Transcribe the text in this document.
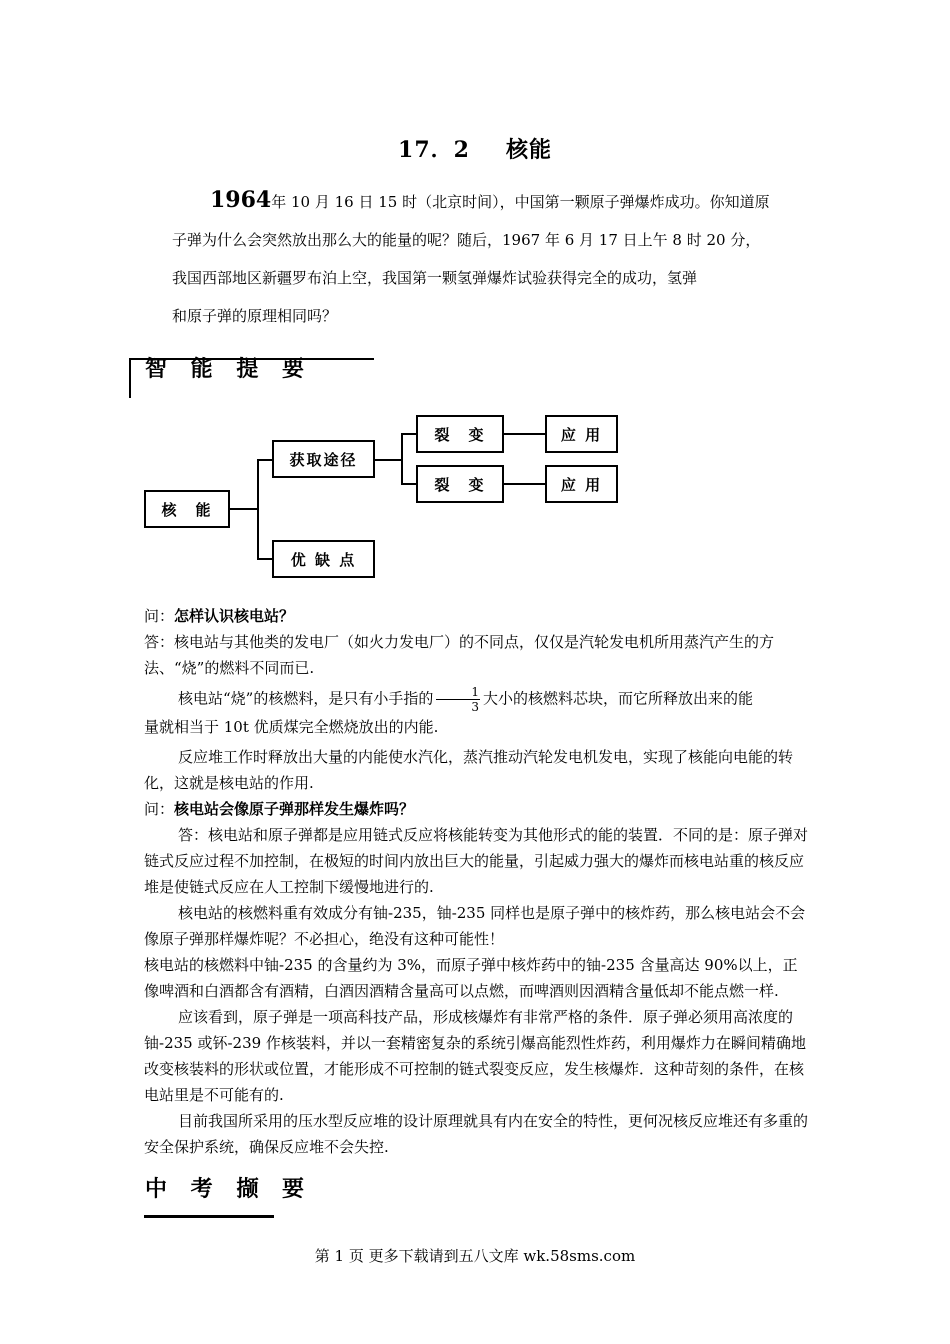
17．2 核能

1964年 10 月 16 日 15 时（北京时间），中国第一颗原子弹爆炸成功。你知道原

子弹为什么会突然放出那么大的能量的呢？随后，1967 年 6 月 17 日上午 8 时 20 分，

我国西部地区新疆罗布泊上空，我国第一颗氢弹爆炸试验获得完全的成功，氢弹

和原子弹的原理相同吗？

智 能 提 要
核　能
获取途径
优 缺 点
裂　变
裂　变
应 用
应 用

问：怎样认识核电站？

答：核电站与其他类的发电厂（如火力发电厂）的不同点，仅仅是汽轮发电机所用蒸汽产生的方法、“烧”的燃料不同而已.

核电站“烧”的核燃料，是只有小手指的 $\frac{1}{3}$ 大小的核燃料芯块，而它所释放出来的能

量就相当于 10t 优质煤完全燃烧放出的内能.

反应堆工作时释放出大量的内能使水汽化，蒸汽推动汽轮发电机发电，实现了核能向电能的转化，这就是核电站的作用.

问：核电站会像原子弹那样发生爆炸吗？

答：核电站和原子弹都是应用链式反应将核能转变为其他形式的能的装置．不同的是：原子弹对链式反应过程不加控制，在极短的时间内放出巨大的能量，引起威力强大的爆炸而核电站重的核反应堆是使链式反应在人工控制下缓慢地进行的.

核电站的核燃料重有效成分有铀-235，铀-235 同样也是原子弹中的核炸药，那么核电站会不会像原子弹那样爆炸呢？不必担心，绝没有这种可能性！

核电站的核燃料中铀-235 的含量约为 3%，而原子弹中核炸药中的铀-235 含量高达 90%以上，正像啤酒和白酒都含有酒精，白酒因酒精含量高可以点燃，而啤酒则因酒精含量低却不能点燃一样.

应该看到，原子弹是一项高科技产品，形成核爆炸有非常严格的条件．原子弹必须用高浓度的铀-235 或钚-239 作核装料，并以一套精密复杂的系统引爆高能烈性炸药，利用爆炸力在瞬间精确地改变核装料的形状或位置，才能形成不可控制的链式裂变反应，发生核爆炸．这种苛刻的条件，在核电站里是不可能有的.

目前我国所采用的压水型反应堆的设计原理就具有内在安全的特性，更何况核反应堆还有多重的安全保护系统，确保反应堆不会失控.

中 考 撷 要
第 1 页 更多下载请到五八文库 wk.58sms.com
